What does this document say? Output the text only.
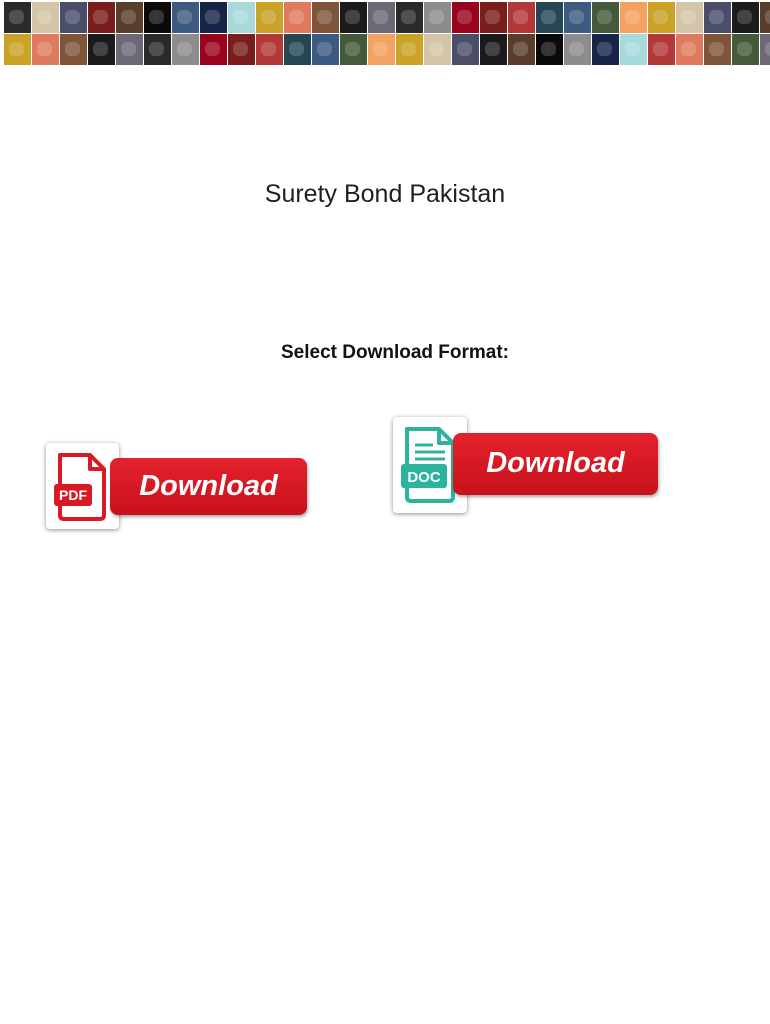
Surety Bond Pakistan
Select Download Format:
PDF	Download	DOC	Download
